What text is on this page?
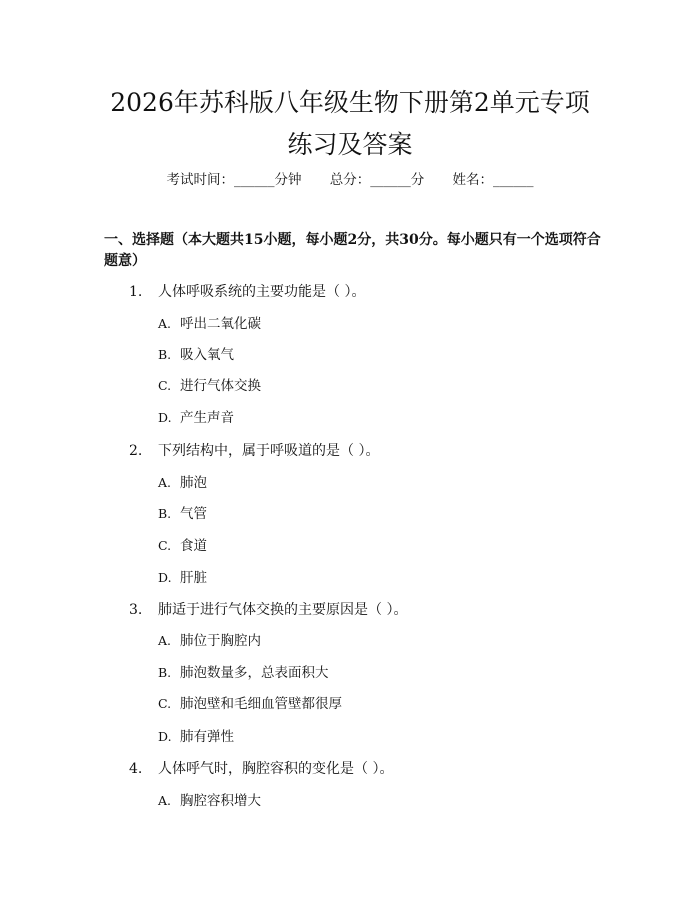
2026年苏科版八年级生物下册第2单元专项
练习及答案
考试时间：______分钟 总分：______分 姓名：______
一、选择题（本大题共15小题，每小题2分，共30分。每小题只有一个选项符合题意）
1. 人体呼吸系统的主要功能是（ ）。
A. 呼出二氧化碳
B. 吸入氧气
C. 进行气体交换
D. 产生声音
2. 下列结构中，属于呼吸道的是（ ）。
A. 肺泡
B. 气管
C. 食道
D. 肝脏
3. 肺适于进行气体交换的主要原因是（ ）。
A. 肺位于胸腔内
B. 肺泡数量多，总表面积大
C. 肺泡壁和毛细血管壁都很厚
D. 肺有弹性
4. 人体呼气时，胸腔容积的变化是（ ）。
A. 胸腔容积增大
